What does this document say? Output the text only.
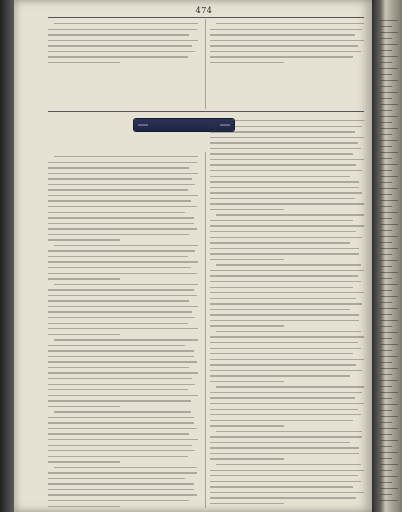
474
